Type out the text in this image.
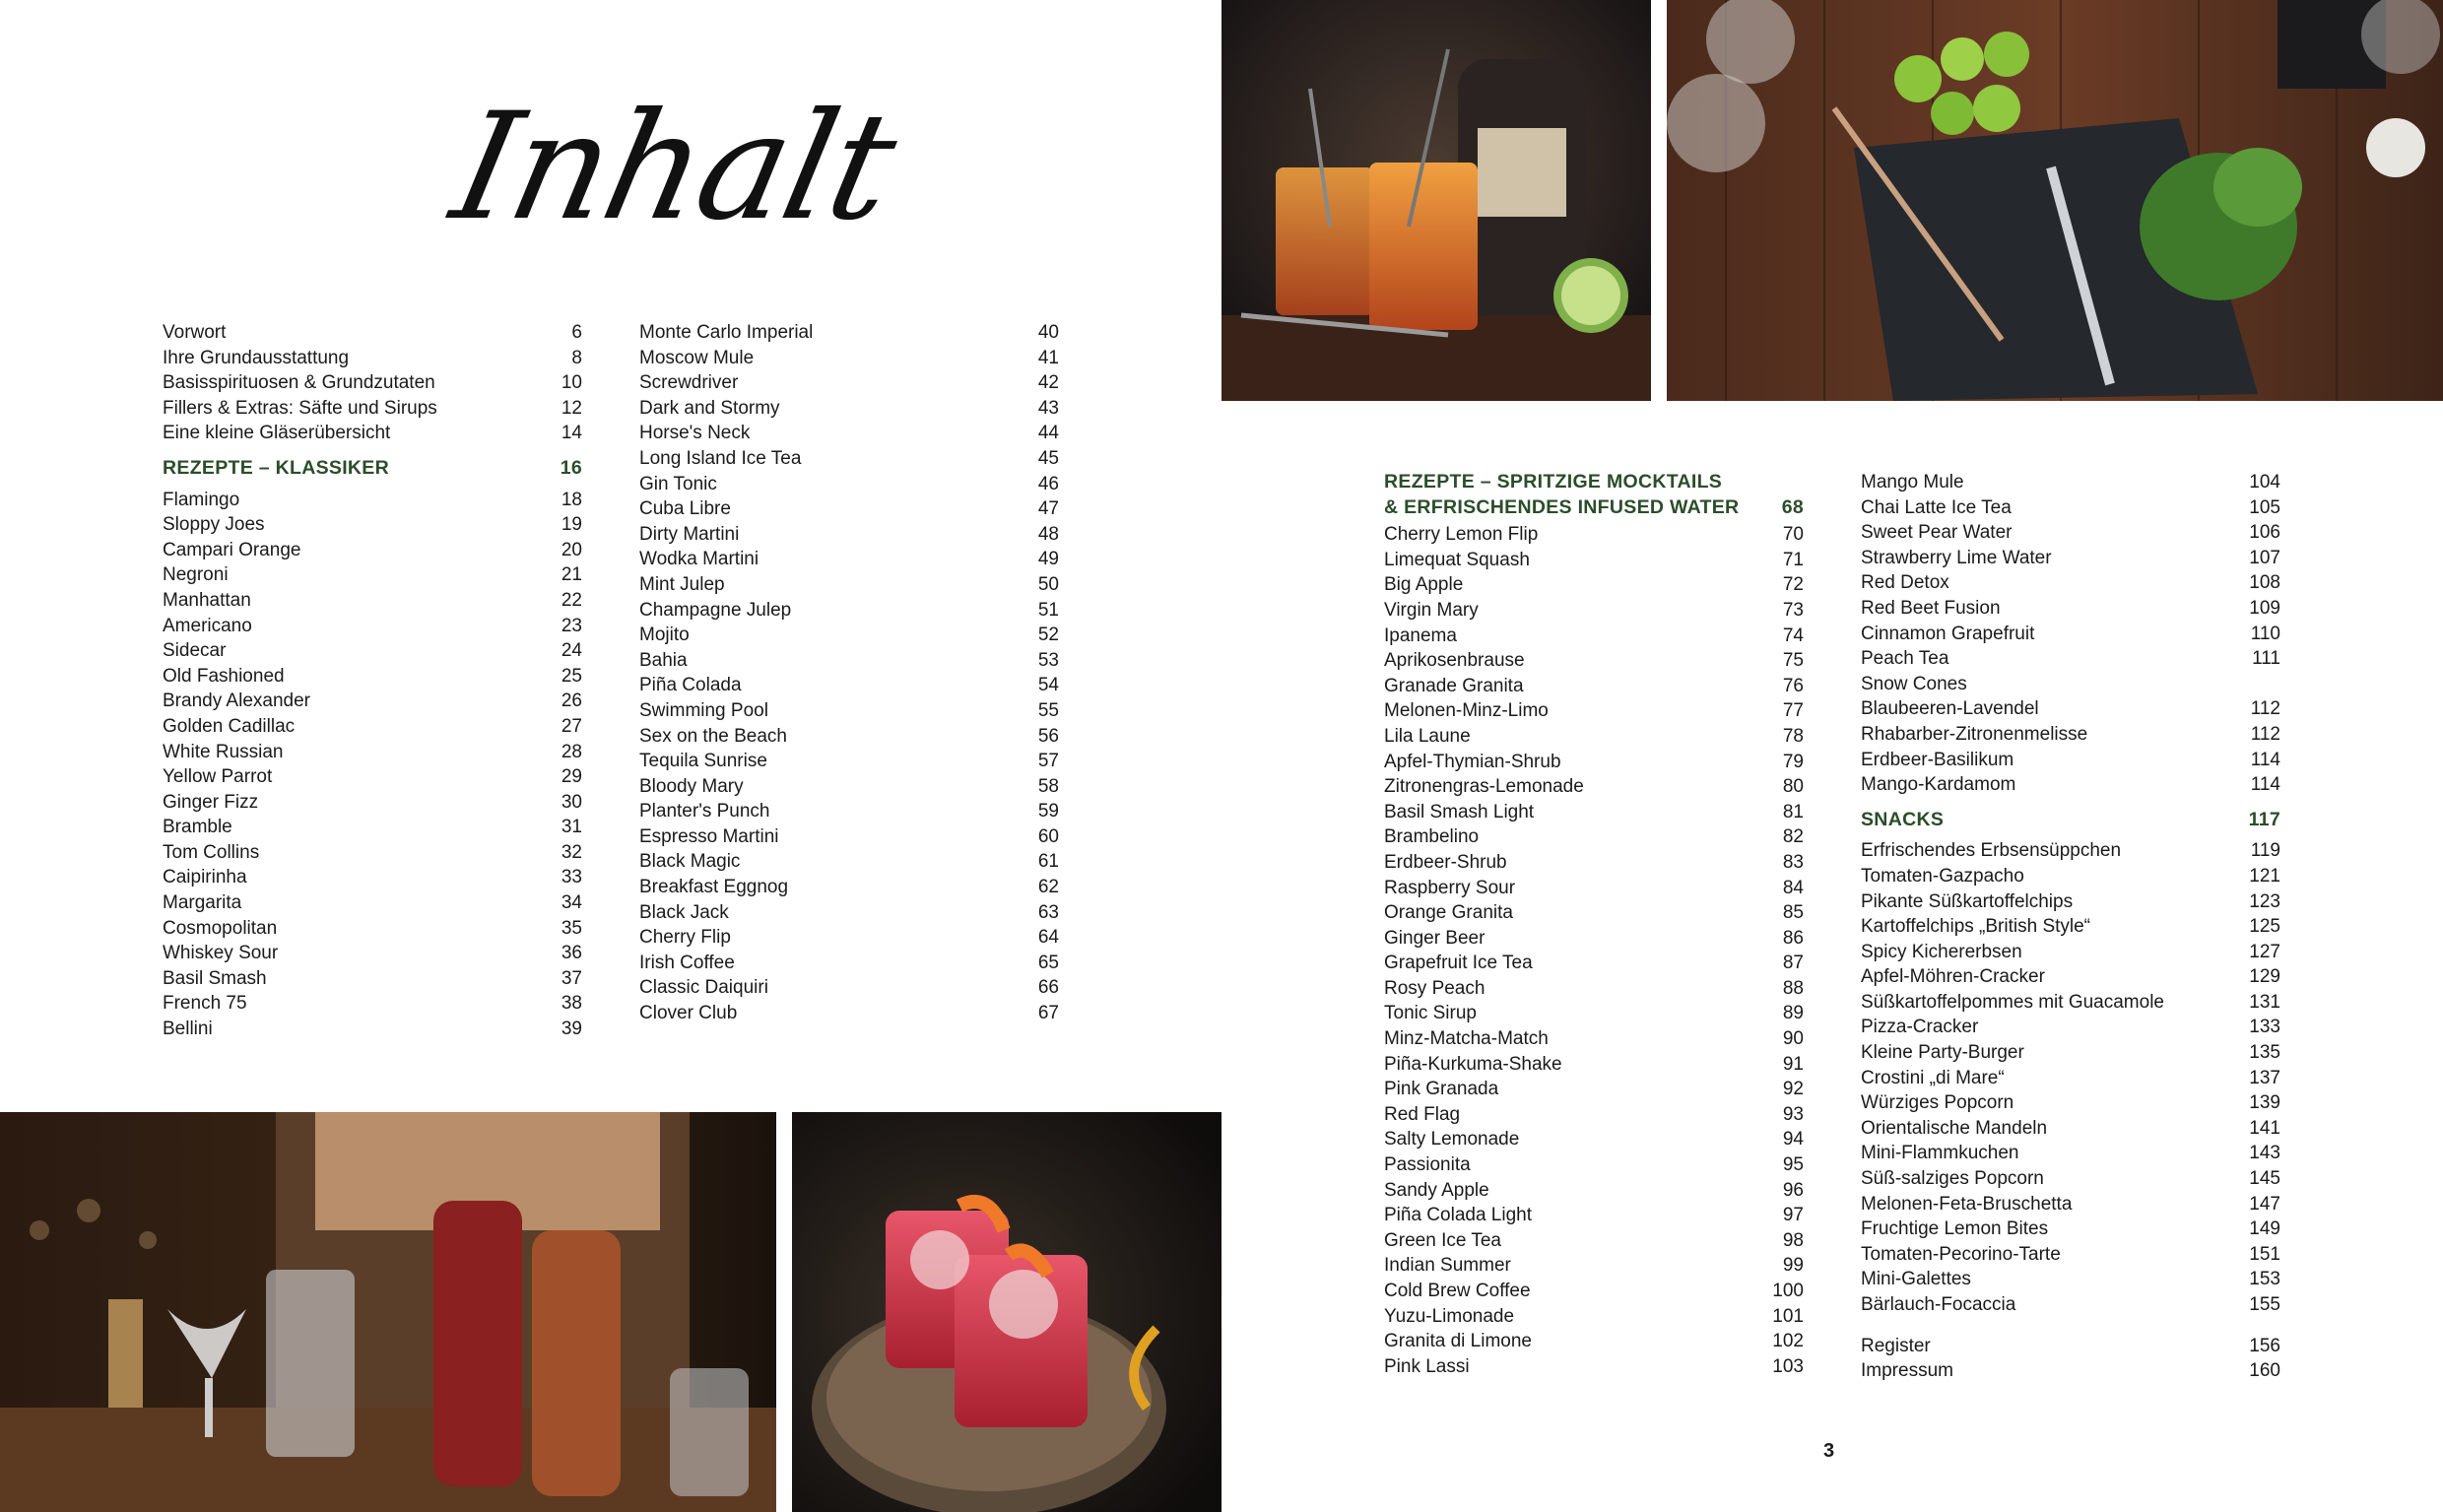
Inhalt
Vorwort	6
Ihre Grundausstattung	8
Basisspirituosen & Grundzutaten	10
Fillers & Extras: Säfte und Sirups	12
Eine kleine Gläserübersicht	14
REZEPTE – KLASSIKER	16
Flamingo	18
Sloppy Joes	19
Campari Orange	20
Negroni	21
Manhattan	22
Americano	23
Sidecar	24
Old Fashioned	25
Brandy Alexander	26
Golden Cadillac	27
White Russian	28
Yellow Parrot	29
Ginger Fizz	30
Bramble	31
Tom Collins	32
Caipirinha	33
Margarita	34
Cosmopolitan	35
Whiskey Sour	36
Basil Smash	37
French 75	38
Bellini	39
Monte Carlo Imperial	40
Moscow Mule	41
Screwdriver	42
Dark and Stormy	43
Horse's Neck	44
Long Island Ice Tea	45
Gin Tonic	46
Cuba Libre	47
Dirty Martini	48
Wodka Martini	49
Mint Julep	50
Champagne Julep	51
Mojito	52
Bahia	53
Piña Colada	54
Swimming Pool	55
Sex on the Beach	56
Tequila Sunrise	57
Bloody Mary	58
Planter's Punch	59
Espresso Martini	60
Black Magic	61
Breakfast Eggnog	62
Black Jack	63
Cherry Flip	64
Irish Coffee	65
Classic Daiquiri	66
Clover Club	67
REZEPTE – SPRITZIGE MOCKTAILS
& ERFRISCHENDES INFUSED WATER	68
Cherry Lemon Flip	70
Limequat Squash	71
Big Apple	72
Virgin Mary	73
Ipanema	74
Aprikosenbrause	75
Granade Granita	76
Melonen-Minz-Limo	77
Lila Laune	78
Apfel-Thymian-Shrub	79
Zitronengras-Lemonade	80
Basil Smash Light	81
Brambelino	82
Erdbeer-Shrub	83
Raspberry Sour	84
Orange Granita	85
Ginger Beer	86
Grapefruit Ice Tea	87
Rosy Peach	88
Tonic Sirup	89
Minz-Matcha-Match	90
Piña-Kurkuma-Shake	91
Pink Granada	92
Red Flag	93
Salty Lemonade	94
Passionita	95
Sandy Apple	96
Piña Colada Light	97
Green Ice Tea	98
Indian Summer	99
Cold Brew Coffee	100
Yuzu-Limonade	101
Granita di Limone	102
Pink Lassi	103
Mango Mule	104
Chai Latte Ice Tea	105
Sweet Pear Water	106
Strawberry Lime Water	107
Red Detox	108
Red Beet Fusion	109
Cinnamon Grapefruit	110
Peach Tea	111
Snow Cones
Blaubeeren-Lavendel	112
Rhabarber-Zitronenmelisse	112
Erdbeer-Basilikum	114
Mango-Kardamom	114
SNACKS	117
Erfrischendes Erbsensüppchen	119
Tomaten-Gazpacho	121
Pikante Süßkartoffelchips	123
Kartoffelchips „British Style“	125
Spicy Kichererbsen	127
Apfel-Möhren-Cracker	129
Süßkartoffelpommes mit Guacamole	131
Pizza-Cracker	133
Kleine Party-Burger	135
Crostini „di Mare“	137
Würziges Popcorn	139
Orientalische Mandeln	141
Mini-Flammkuchen	143
Süß-salziges Popcorn	145
Melonen-Feta-Bruschetta	147
Fruchtige Lemon Bites	149
Tomaten-Pecorino-Tarte	151
Mini-Galettes	153
Bärlauch-Focaccia	155
Register	156
Impressum	160
3
